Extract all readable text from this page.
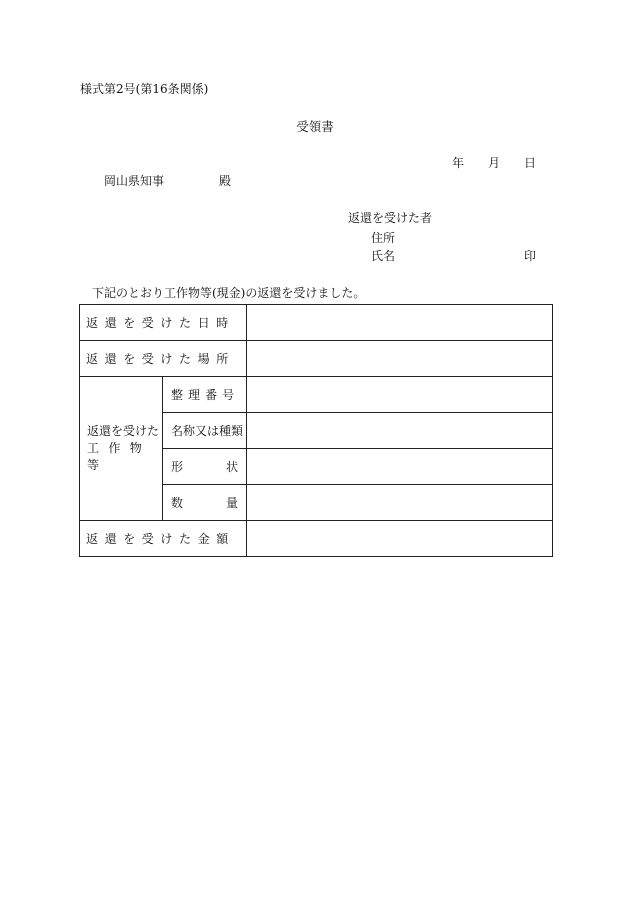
様式第2号(第16条関係)
受領書
年 月 日
岡山県知事	殿
返還を受けた者
住所
氏名	印
下記のとおり工作物等(現金)の返還を受けました。
返還を受けた日時		
返還を受けた場所		

返還を受けた
工作物等	整理番号	
	名称又は種類	

	形 状	

	数 量	

返還を受けた金額		
